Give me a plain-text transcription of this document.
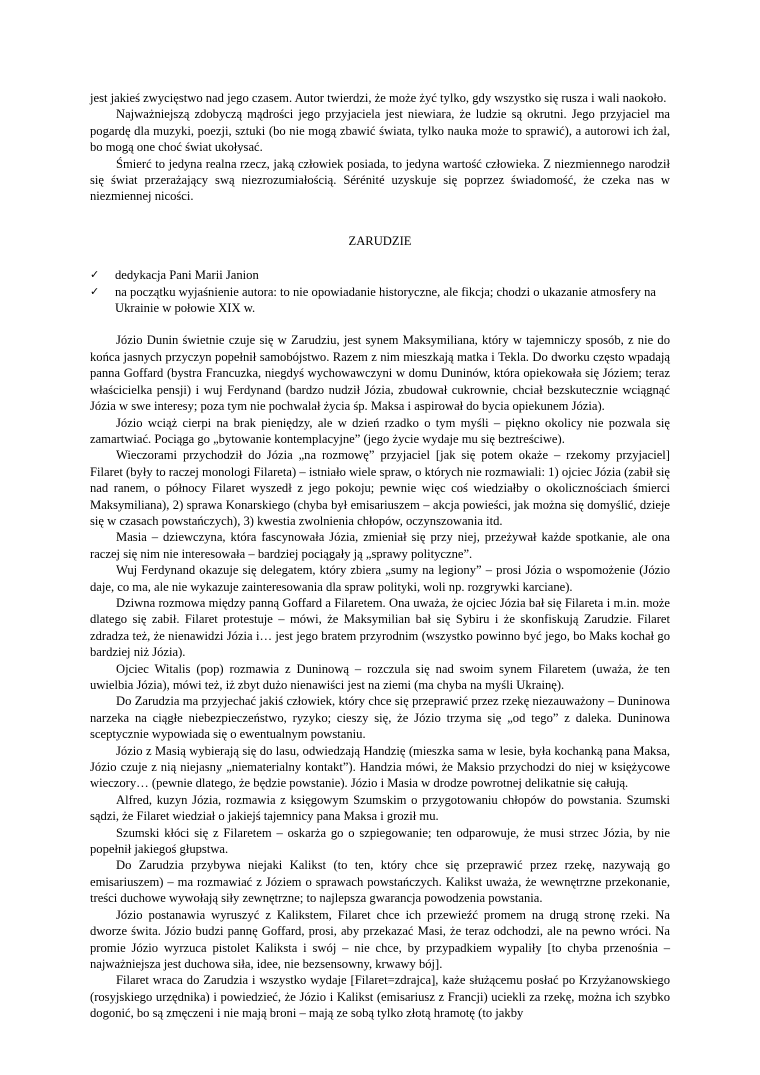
jest jakieś zwycięstwo nad jego czasem. Autor twierdzi, że może żyć tylko, gdy wszystko się rusza i wali naokoło.

Najważniejszą zdobyczą mądrości jego przyjaciela jest niewiara, że ludzie są okrutni. Jego przyjaciel ma pogardę dla muzyki, poezji, sztuki (bo nie mogą zbawić świata, tylko nauka może to sprawić), a autorowi ich żal, bo mogą one choć świat ukołysać.

Śmierć to jedyna realna rzecz, jaką człowiek posiada, to jedyna wartość człowieka. Z niezmiennego narodził się świat przerażający swą niezrozumiałością. Sérénité uzyskuje się poprzez świadomość, że czeka nas w niezmiennej nicości.

ZARUDZIE
✓ dedykacja Pani Marii Janion
✓ na początku wyjaśnienie autora: to nie opowiadanie historyczne, ale fikcja; chodzi o ukazanie atmosfery na Ukrainie w połowie XIX w.

Józio Dunin świetnie czuje się w Zarudziu, jest synem Maksymiliana, który w tajemniczy sposób, z nie do końca jasnych przyczyn popełnił samobójstwo. Razem z nim mieszkają matka i Tekla. Do dworku często wpadają panna Goffard (bystra Francuzka, niegdyś wychowawczyni w domu Duninów, która opiekowała się Józiem; teraz właścicielka pensji) i wuj Ferdynand (bardzo nudził Józia, zbudował cukrownie, chciał bezskutecznie wciągnąć Józia w swe interesy; poza tym nie pochwalał życia śp. Maksa i aspirował do bycia opiekunem Józia).

Józio wciąż cierpi na brak pieniędzy, ale w dzień rzadko o tym myśli – piękno okolicy nie pozwala się zamartwiać. Pociąga go „bytowanie kontemplacyjne” (jego życie wydaje mu się beztreściwe).

Wieczorami przychodził do Józia „na rozmowę” przyjaciel [jak się potem okaże – rzekomy przyjaciel] Filaret (były to raczej monologi Filareta) – istniało wiele spraw, o których nie rozmawiali: 1) ojciec Józia (zabił się nad ranem, o północy Filaret wyszedł z jego pokoju; pewnie więc coś wiedziałby o okolicznościach śmierci Maksymiliana), 2) sprawa Konarskiego (chyba był emisariuszem – akcja powieści, jak można się domyślić, dzieje się w czasach powstańczych), 3) kwestia zwolnienia chłopów, oczynszowania itd.

Masia – dziewczyna, która fascynowała Józia, zmieniał się przy niej, przeżywał każde spotkanie, ale ona raczej się nim nie interesowała – bardziej pociągały ją „sprawy polityczne”.

Wuj Ferdynand okazuje się delegatem, który zbiera „sumy na legiony” – prosi Józia o wspomożenie (Józio daje, co ma, ale nie wykazuje zainteresowania dla spraw polityki, woli np. rozgrywki karciane).

Dziwna rozmowa między panną Goffard a Filaretem. Ona uważa, że ojciec Józia bał się Filareta i m.in. może dlatego się zabił. Filaret protestuje – mówi, że Maksymilian bał się Sybiru i że skonfiskują Zarudzie. Filaret zdradza też, że nienawidzi Józia i… jest jego bratem przyrodnim (wszystko powinno być jego, bo Maks kochał go bardziej niż Józia).

Ojciec Witalis (pop) rozmawia z Duninową – rozczula się nad swoim synem Filaretem (uważa, że ten uwielbia Józia), mówi też, iż zbyt dużo nienawiści jest na ziemi (ma chyba na myśli Ukrainę).

Do Zarudzia ma przyjechać jakiś człowiek, który chce się przeprawić przez rzekę niezauważony – Duninowa narzeka na ciągłe niebezpieczeństwo, ryzyko; cieszy się, że Józio trzyma się „od tego” z daleka. Duninowa sceptycznie wypowiada się o ewentualnym powstaniu.

Józio z Masią wybierają się do lasu, odwiedzają Handzię (mieszka sama w lesie, była kochanką pana Maksa, Józio czuje z nią niejasny „niematerialny kontakt”). Handzia mówi, że Maksio przychodzi do niej w księżycowe wieczory… (pewnie dlatego, że będzie powstanie). Józio i Masia w drodze powrotnej delikatnie się całują.

Alfred, kuzyn Józia, rozmawia z księgowym Szumskim o przygotowaniu chłopów do powstania. Szumski sądzi, że Filaret wiedział o jakiejś tajemnicy pana Maksa i groził mu.

Szumski kłóci się z Filaretem – oskarża go o szpiegowanie; ten odparowuje, że musi strzec Józia, by nie popełnił jakiegoś głupstwa.

Do Zarudzia przybywa niejaki Kalikst (to ten, który chce się przeprawić przez rzekę, nazywają go emisariuszem) – ma rozmawiać z Józiem o sprawach powstańczych. Kalikst uważa, że wewnętrzne przekonanie, treści duchowe wywołają siły zewnętrzne; to najlepsza gwarancja powodzenia powstania.

Józio postanawia wyruszyć z Kalikstem, Filaret chce ich przewieźć promem na drugą stronę rzeki. Na dworze świta. Józio budzi pannę Goffard, prosi, aby przekazać Masi, że teraz odchodzi, ale na pewno wróci. Na promie Józio wyrzuca pistolet Kaliksta i swój – nie chce, by przypadkiem wypaliły [to chyba przenośnia – najważniejsza jest duchowa siła, idee, nie bezsensowny, krwawy bój].

Filaret wraca do Zarudzia i wszystko wydaje [Filaret=zdrajca], każe służącemu posłać po Krzyżanowskiego (rosyjskiego urzędnika) i powiedzieć, że Józio i Kalikst (emisariusz z Francji) uciekli za rzekę, można ich szybko dogonić, bo są zmęczeni i nie mają broni – mają ze sobą tylko złotą hramotę (to jakby
